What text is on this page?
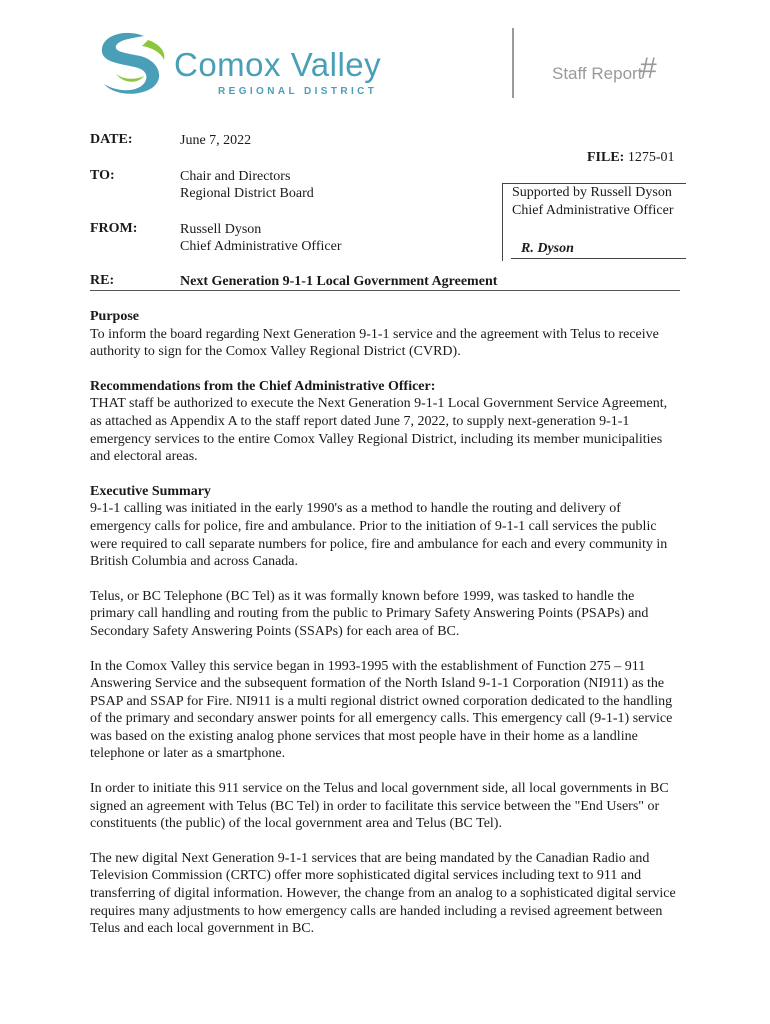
Comox Valley
REGIONAL DISTRICT
Staff Report
#
DATE:	June 7, 2022
FILE: 1275-01
TO:	Chair and Directors
Regional District Board
FROM:	Russell Dyson
Chief Administrative Officer
Supported by Russell Dyson
Chief Administrative Officer
R. Dyson
RE:	Next Generation 9-1-1 Local Government Agreement
Purpose

To inform the board regarding Next Generation 9-1-1 service and the agreement with Telus to receive authority to sign for the Comox Valley Regional District (CVRD).

Recommendations from the Chief Administrative Officer:

THAT staff be authorized to execute the Next Generation 9-1-1 Local Government Service Agreement, as attached as Appendix A to the staff report dated June 7, 2022, to supply next-generation 9-1-1 emergency services to the entire Comox Valley Regional District, including its member municipalities and electoral areas.

Executive Summary

9-1-1 calling was initiated in the early 1990's as a method to handle the routing and delivery of emergency calls for police, fire and ambulance. Prior to the initiation of 9-1-1 call services the public were required to call separate numbers for police, fire and ambulance for each and every community in British Columbia and across Canada.

Telus, or BC Telephone (BC Tel) as it was formally known before 1999, was tasked to handle the primary call handling and routing from the public to Primary Safety Answering Points (PSAPs) and Secondary Safety Answering Points (SSAPs) for each area of BC.

In the Comox Valley this service began in 1993-1995 with the establishment of Function 275 – 911 Answering Service and the subsequent formation of the North Island 9-1-1 Corporation (NI911) as the PSAP and SSAP for Fire. NI911 is a multi regional district owned corporation dedicated to the handling of the primary and secondary answer points for all emergency calls. This emergency call (9-1-1) service was based on the existing analog phone services that most people have in their home as a landline telephone or later as a smartphone.

In order to initiate this 911 service on the Telus and local government side, all local governments in BC signed an agreement with Telus (BC Tel) in order to facilitate this service between the "End Users" or constituents (the public) of the local government area and Telus (BC Tel).

The new digital Next Generation 9-1-1 services that are being mandated by the Canadian Radio and Television Commission (CRTC) offer more sophisticated digital services including text to 911 and transferring of digital information. However, the change from an analog to a sophisticated digital service requires many adjustments to how emergency calls are handed including a revised agreement between Telus and each local government in BC.
